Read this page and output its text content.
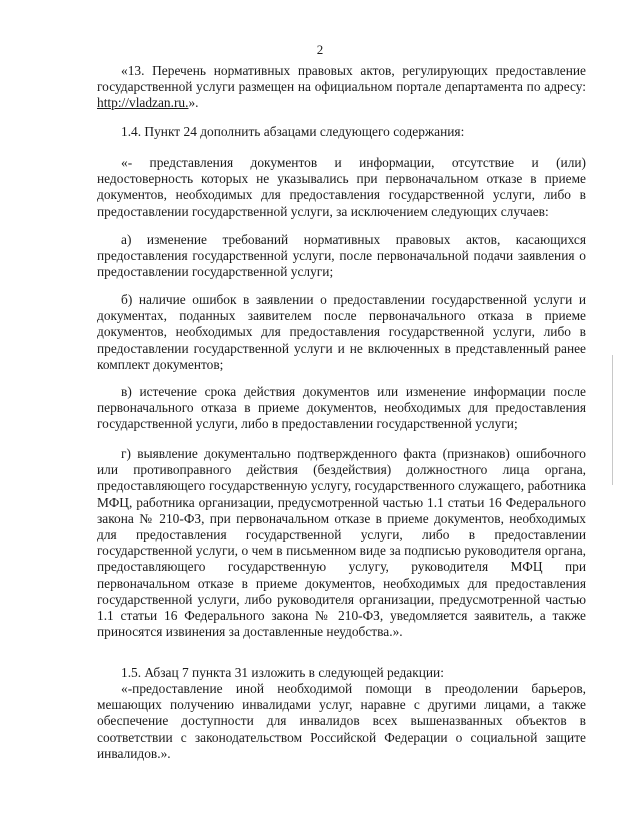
2

«13. Перечень нормативных правовых актов, регулирующих предоставление государственной услуги размещен на официальном портале департамента по адресу: http://vladzan.ru.».

1.4. Пункт 24 дополнить абзацами следующего содержания:

«- представления документов и информации, отсутствие и (или) недостоверность которых не указывались при первоначальном отказе в приеме документов, необходимых для предоставления государственной услуги, либо в предоставлении государственной услуги, за исключением следующих случаев:

а) изменение требований нормативных правовых актов, касающихся предоставления государственной услуги, после первоначальной подачи заявления о предоставлении государственной услуги;

б) наличие ошибок в заявлении о предоставлении государственной услуги и документах, поданных заявителем после первоначального отказа в приеме документов, необходимых для предоставления государственной услуги, либо в предоставлении государственной услуги и не включенных в представленный ранее комплект документов;

в) истечение срока действия документов или изменение информации после первоначального отказа в приеме документов, необходимых для предоставления государственной услуги, либо в предоставлении государственной услуги;

г) выявление документально подтвержденного факта (признаков) ошибочного или противоправного действия (бездействия) должностного лица органа, предоставляющего государственную услугу, государственного служащего, работника МФЦ, работника организации, предусмотренной частью 1.1 статьи 16 Федерального закона № 210-ФЗ, при первоначальном отказе в приеме документов, необходимых для предоставления государственной услуги, либо в предоставлении государственной услуги, о чем в письменном виде за подписью руководителя органа, предоставляющего государственную услугу, руководителя МФЦ при первоначальном отказе в приеме документов, необходимых для предоставления государственной услуги, либо руководителя организации, предусмотренной частью 1.1 статьи 16 Федерального закона № 210-ФЗ, уведомляется заявитель, а также приносятся извинения за доставленные неудобства.».

1.5. Абзац 7 пункта 31 изложить в следующей редакции:

«-предоставление иной необходимой помощи в преодолении барьеров, мешающих получению инвалидами услуг, наравне с другими лицами, а также обеспечение доступности для инвалидов всех вышеназванных объектов в соответствии с законодательством Российской Федерации о социальной защите инвалидов.».
